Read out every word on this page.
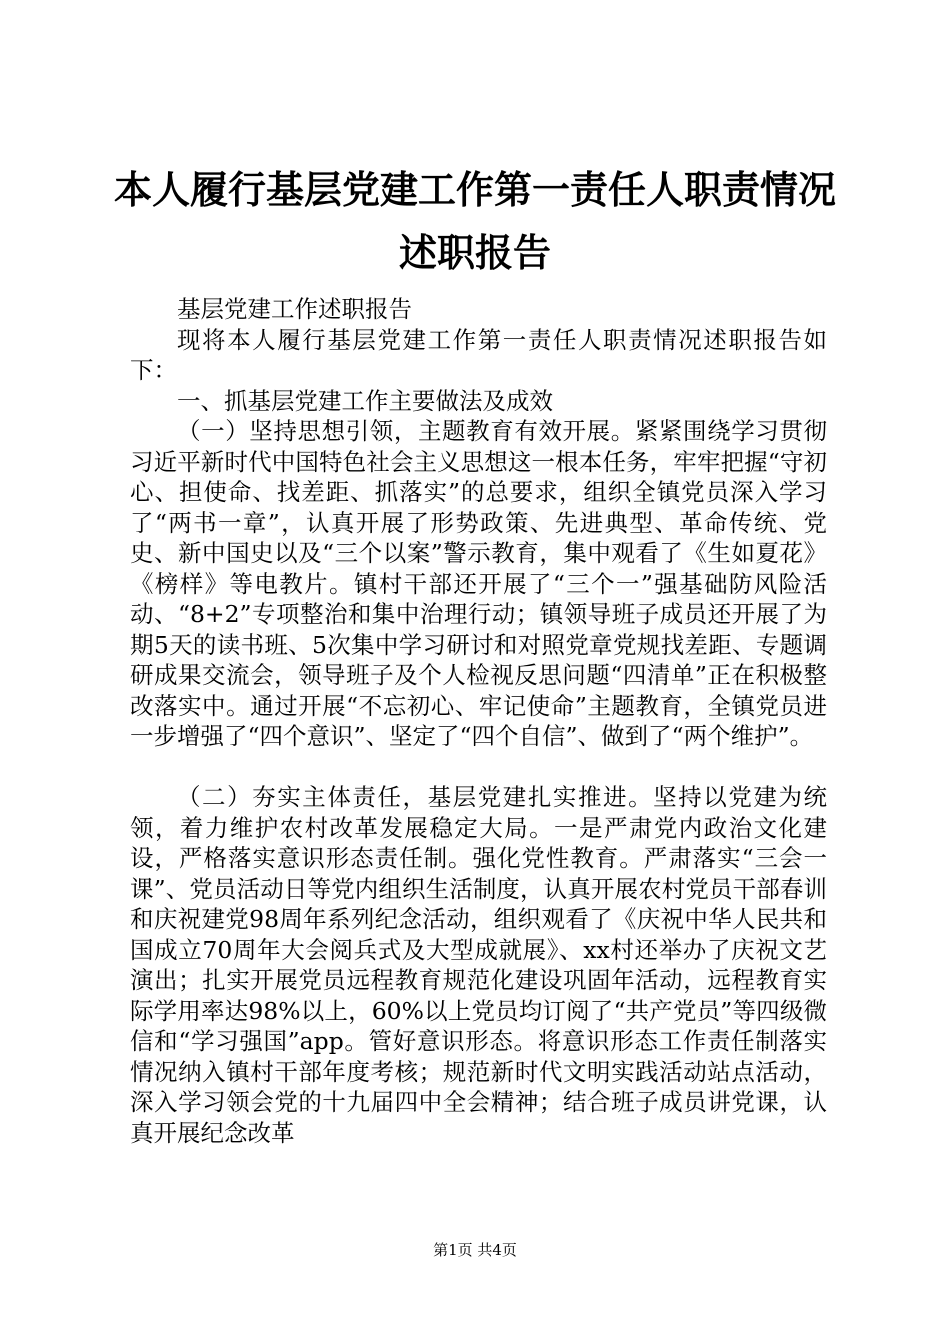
本人履行基层党建工作第一责任人职责情况述职报告

基层党建工作述职报告

现将本人履行基层党建工作第一责任人职责情况述职报告如下：

一、抓基层党建工作主要做法及成效

（一）坚持思想引领，主题教育有效开展。紧紧围绕学习贯彻习近平新时代中国特色社会主义思想这一根本任务，牢牢把握“守初心、担使命、找差距、抓落实”的总要求，组织全镇党员深入学习了“两书一章”，认真开展了形势政策、先进典型、革命传统、党史、新中国史以及“三个以案”警示教育，集中观看了《生如夏花》《榜样》等电教片。镇村干部还开展了“三个一”强基础防风险活动、“8+2”专项整治和集中治理行动；镇领导班子成员还开展了为期5天的读书班、5次集中学习研讨和对照党章党规找差距、专题调研成果交流会，领导班子及个人检视反思问题“四清单”正在积极整改落实中。通过开展“不忘初心、牢记使命”主题教育，全镇党员进一步增强了“四个意识”、坚定了“四个自信”、做到了“两个维护”。

（二）夯实主体责任，基层党建扎实推进。坚持以党建为统领，着力维护农村改革发展稳定大局。一是严肃党内政治文化建设，严格落实意识形态责任制。强化党性教育。严肃落实“三会一课”、党员活动日等党内组织生活制度，认真开展农村党员干部春训和庆祝建党98周年系列纪念活动，组织观看了《庆祝中华人民共和国成立70周年大会阅兵式及大型成就展》、xx村还举办了庆祝文艺演出；扎实开展党员远程教育规范化建设巩固年活动，远程教育实际学用率达98%以上，60%以上党员均订阅了“共产党员”等四级微信和“学习强国”app。管好意识形态。将意识形态工作责任制落实情况纳入镇村干部年度考核；规范新时代文明实践活动站点活动，深入学习领会党的十九届四中全会精神；结合班子成员讲党课，认真开展纪念改革

第1页 共4页
